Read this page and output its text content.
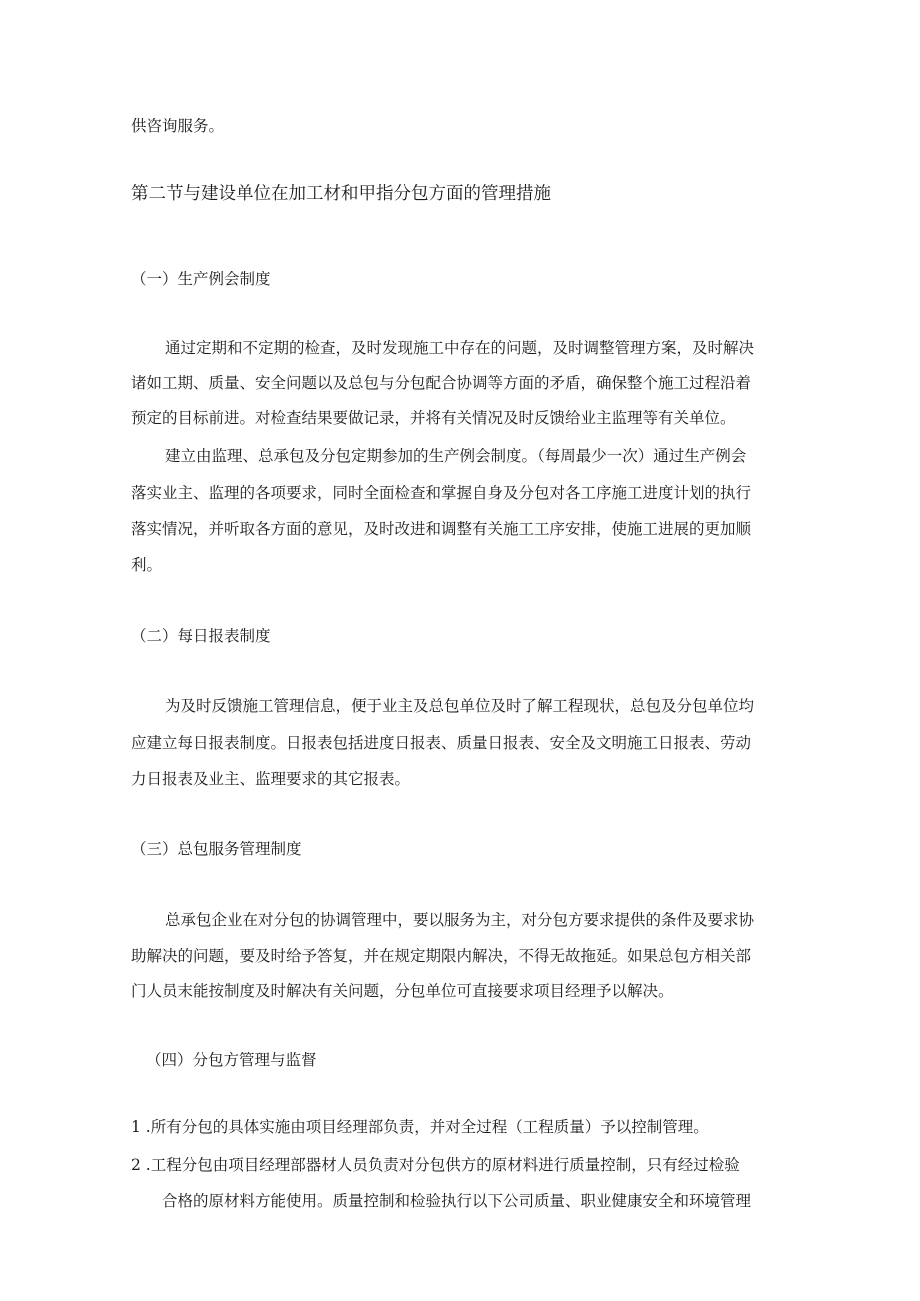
供咨询服务。
第二节与建设单位在加工材和甲指分包方面的管理措施
（一）生产例会制度
通过定期和不定期的检查，及时发现施工中存在的问题，及时调整管理方案，及时解决
诸如工期、质量、安全问题以及总包与分包配合协调等方面的矛盾，确保整个施工过程沿着
预定的目标前进。对检查结果要做记录，并将有关情况及时反馈给业主监理等有关单位。
建立由监理、总承包及分包定期参加的生产例会制度。（每周最少一次）通过生产例会
落实业主、监理的各项要求，同时全面检查和掌握自身及分包对各工序施工进度计划的执行
落实情况，并听取各方面的意见，及时改进和调整有关施工工序安排，使施工进展的更加顺
利。
（二）每日报表制度
为及时反馈施工管理信息，便于业主及总包单位及时了解工程现状，总包及分包单位均
应建立每日报表制度。日报表包括进度日报表、质量日报表、安全及文明施工日报表、劳动
力日报表及业主、监理要求的其它报表。
（三）总包服务管理制度
总承包企业在对分包的协调管理中，要以服务为主，对分包方要求提供的条件及要求协
助解决的问题，要及时给予答复，并在规定期限内解决，不得无故拖延。如果总包方相关部
门人员末能按制度及时解决有关问题，分包单位可直接要求项目经理予以解决。
（四）分包方管理与监督
1 .所有分包的具体实施由项目经理部负责，并对全过程（工程质量）予以控制管理。
2 .工程分包由项目经理部器材人员负责对分包供方的原材料进行质量控制，只有经过检验
合格的原材料方能使用。质量控制和检验执行以下公司质量、职业健康安全和环境管理
